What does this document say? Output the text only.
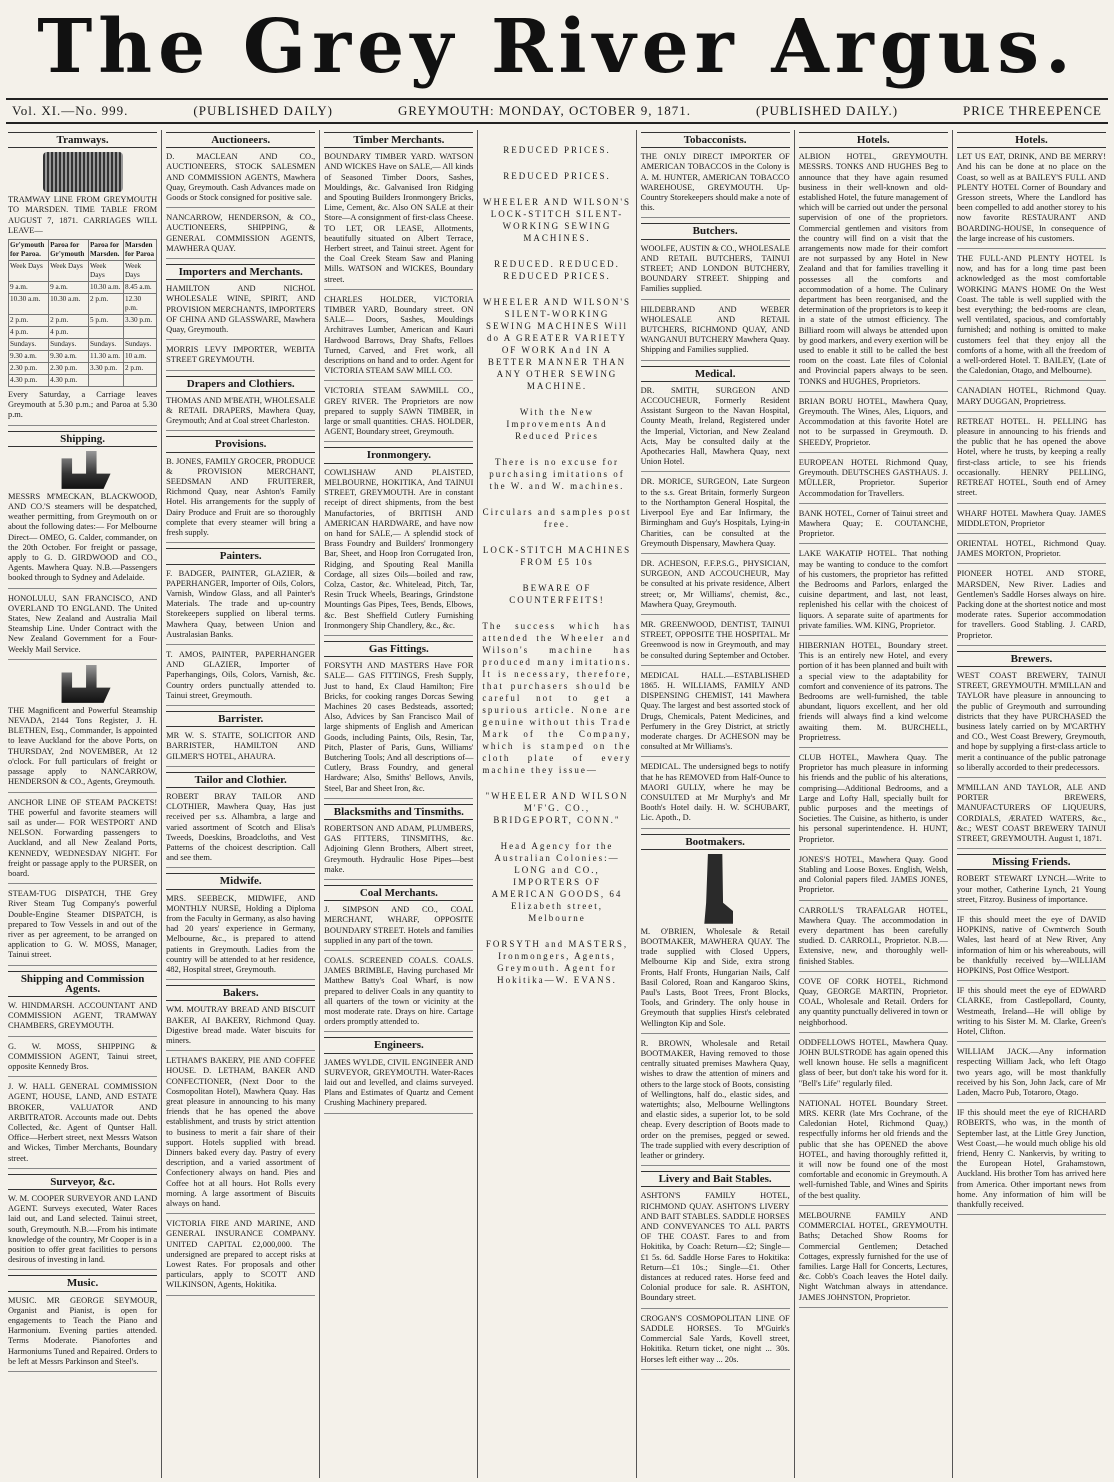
The Grey River Argus.
Vol. XI.—No. 999.	(PUBLISHED DAILY)	GREYMOUTH: MONDAY, OCTOBER 9, 1871.	(PUBLISHED DAILY.)	PRICE THREEPENCE
Tramways.
TRAMWAY LINE FROM GREYMOUTH TO MARSDEN. TIME TABLE FROM AUGUST 7, 1871. CARRIAGES WILL LEAVE—
Gr'ymouth for Paroa.	Paroa for Gr'ymouth	Paroa for Marsden.	Marsden for Paroa
Week Days	Week Days	Week Days	Week Days
9 a.m.	9 a.m.	10.30 a.m.	8.45 a.m.
10.30 a.m.	10.30 a.m.	2 p.m.	12.30 p.m.
2 p.m.	2 p.m.	5 p.m.	3.30 p.m.
4 p.m.	4 p.m.		
Sundays.	Sundays.	Sundays.	Sundays.
9.30 a.m.	9.30 a.m.	11.30 a.m.	10 a.m.
2.30 p.m.	2.30 p.m.	3.30 p.m.	2 p.m.
4.30 p.m.	4.30 p.m.		
Every Saturday, a Carriage leaves Greymouth at 5.30 p.m.; and Paroa at 5.30 p.m.
Shipping.
MESSRS M'MECKAN, BLACKWOOD, AND CO.'S steamers will be despatched, weather permitting, from Greymouth on or about the following dates:— For Melbourne Direct— OMEO, G. Calder, commander, on the 20th October. For freight or passage, apply to G. D. GIRDWOOD and CO., Agents. Mawhera Quay. N.B.—Passengers booked through to Sydney and Adelaide.
HONOLULU, SAN FRANCISCO, AND OVERLAND TO ENGLAND. The United States, New Zealand and Australia Mail Steamship Line. Under Contract with the New Zealand Government for a Four-Weekly Mail Service.
THE Magnificent and Powerful Steamship NEVADA, 2144 Tons Register, J. H. BLETHEN, Esq., Commander, Is appointed to leave Auckland for the above Ports, on THURSDAY, 2nd NOVEMBER, At 12 o'clock. For full particulars of freight or passage apply to NANCARROW, HENDERSON & CO., Agents, Greymouth.
ANCHOR LINE OF STEAM PACKETS! THE powerful and favorite steamers will sail as under— FOR WESTPORT AND NELSON. Forwarding passengers to Auckland, and all New Zealand Ports, KENNEDY, WEDNESDAY NIGHT. For freight or passage apply to the PURSER, on board.
STEAM-TUG DISPATCH, THE Grey River Steam Tug Company's powerful Double-Engine Steamer DISPATCH, is prepared to Tow Vessels in and out of the river as per agreement, to be arranged on application to G. W. MOSS, Manager, Tainui street.
Shipping and Commission Agents.
W. HINDMARSH. ACCOUNTANT AND COMMISSION AGENT, TRAMWAY CHAMBERS, GREYMOUTH.
G. W. MOSS, SHIPPING & COMMISSION AGENT, Tainui street, opposite Kennedy Bros.
J. W. HALL GENERAL COMMISSION AGENT, HOUSE, LAND, AND ESTATE BROKER, VALUATOR AND ARBITRATOR. Accounts made out. Debts Collected, &c. Agent of Quntser Hall. Office—Herbert street, next Messrs Watson and Wickes, Timber Merchants, Boundary street.
Surveyor, &c.
W. M. COOPER SURVEYOR AND LAND AGENT. Surveys executed, Water Races laid out, and Land selected. Tainui street, south, Greymouth. N.B.—From his intimate knowledge of the country, Mr Cooper is in a position to offer great facilities to persons desirous of investing in land.
Music.
MUSIC. MR GEORGE SEYMOUR, Organist and Pianist, is open for engagements to Teach the Piano and Harmonium. Evening parties attended. Terms Moderate. Pianofortes and Harmoniums Tuned and Repaired. Orders to be left at Messrs Parkinson and Steel's.
Auctioneers.
D. MACLEAN AND CO., AUCTIONEERS, STOCK SALESMEN AND COMMISSION AGENTS, Mawhera Quay, Greymouth. Cash Advances made on Goods or Stock consigned for positive sale.
NANCARROW, HENDERSON, & CO., AUCTIONEERS, SHIPPING, & GENERAL COMMISSION AGENTS, MAWHERA QUAY.
Importers and Merchants.
HAMILTON AND NICHOL WHOLESALE WINE, SPIRIT, AND PROVISION MERCHANTS, IMPORTERS OF CHINA AND GLASSWARE, Mawhera Quay, Greymouth.
MORRIS LEVY IMPORTER, WEBITA STREET GREYMOUTH.
Drapers and Clothiers.
THOMAS AND M'BEATH, WHOLESALE & RETAIL DRAPERS, Mawhera Quay, Greymouth; And at Coal street Charleston.
Provisions.
B. JONES, FAMILY GROCER, PRODUCE & PROVISION MERCHANT, SEEDSMAN AND FRUITERER, Richmond Quay, near Ashton's Family Hotel. His arrangements for the supply of Dairy Produce and Fruit are so thoroughly complete that every steamer will bring a fresh supply.
Painters.
F. BADGER, PAINTER, GLAZIER, & PAPERHANGER, Importer of Oils, Colors, Varnish, Window Glass, and all Painter's Materials. The trade and up-country Storekeepers supplied on liberal terms. Mawhera Quay, between Union and Australasian Banks.
T. AMOS, PAINTER, PAPERHANGER AND GLAZIER, Importer of Paperhangings, Oils, Colors, Varnish, &c. Country orders punctually attended to. Tainui street, Greymouth.
Barrister.
MR W. S. STAITE, SOLICITOR AND BARRISTER, HAMILTON AND GILMER'S HOTEL, AHAURA.
Tailor and Clothier.
ROBERT BRAY TAILOR AND CLOTHIER, Mawhera Quay, Has just received per s.s. Alhambra, a large and varied assortment of Scotch and Elisa's Tweeds, Doeskins, Broadcloths, and Vest Patterns of the choicest description. Call and see them.
Midwife.
MRS. SEEBECK, MIDWIFE, AND MONTHLY NURSE, Holding a Diploma from the Faculty in Germany, as also having had 20 years' experience in Germany, Melbourne, &c., is prepared to attend patients in Greymouth. Ladies from the country will be attended to at her residence, 482, Hospital street, Greymouth.
Bakers.
WM. MOUTRAY BREAD AND BISCUIT BAKER, AI BAKERY, Richmond Quay. Digestive bread made. Water biscuits for miners.
LETHAM'S BAKERY, PIE AND COFFEE HOUSE. D. LETHAM, BAKER AND CONFECTIONER, (Next Door to the Cosmopolitan Hotel), Mawhera Quay. Has great pleasure in announcing to his many friends that he has opened the above establishment, and trusts by strict attention to business to merit a fair share of their support. Hotels supplied with bread. Dinners baked every day. Pastry of every description, and a varied assortment of Confectionery always on hand. Pies and Coffee hot at all hours. Hot Rolls every morning. A large assortment of Biscuits always on hand.
VICTORIA FIRE AND MARINE, AND GENERAL INSURANCE COMPANY. UNITED CAPITAL £2,000,000. The undersigned are prepared to accept risks at Lowest Rates. For proposals and other particulars, apply to SCOTT AND WILKINSON, Agents, Hokitika.
Timber Merchants.
BOUNDARY TIMBER YARD. WATSON AND WICKES Have on SALE,— All kinds of Seasoned Timber Doors, Sashes, Mouldings, &c. Galvanised Iron Ridging and Spouting Builders Ironmongery Bricks, Lime, Cement, &c. Also ON SALE at their Store—A consignment of first-class Cheese. TO LET, OR LEASE, Allotments, beautifully situated on Albert Terrace, Herbert street, and Tainui street. Agent for the Coal Creek Steam Saw and Planing Mills. WATSON and WICKES, Boundary street.
CHARLES HOLDER, VICTORIA TIMBER YARD, Boundary street. ON SALE— Doors, Sashes, Mouldings Architraves Lumber, American and Kauri Hardwood Barrows, Dray Shafts, Felloes Turned, Carved, and Fret work, all descriptions on hand and to order. Agent for VICTORIA STEAM SAW MILL CO.
VICTORIA STEAM SAWMILL CO., GREY RIVER. The Proprietors are now prepared to supply SAWN TIMBER, in large or small quantities. CHAS. HOLDER, AGENT, Boundary street, Greymouth.
Ironmongery.
COWLISHAW AND PLAISTED, MELBOURNE, HOKITIKA, And TAINUI STREET, GREYMOUTH. Are in constant receipt of direct shipments, from the best Manufactories, of BRITISH AND AMERICAN HARDWARE, and have now on hand for SALE,— A splendid stock of Brass Foundry and Builders' Ironmongery Bar, Sheet, and Hoop Iron Corrugated Iron, Ridging, and Spouting Real Manilla Cordage, all sizes Oils—boiled and raw, Colza, Castor, &c. Whitelead, Pitch, Tar, Resin Truck Wheels, Bearings, Grindstone Mountings Gas Pipes, Tees, Bends, Elbows, &c. Best Sheffield Cutlery Furnishing Ironmongery Ship Chandlery, &c., &c.
Gas Fittings.
FORSYTH AND MASTERS Have FOR SALE— GAS FITTINGS, Fresh Supply, Just to hand, Ex Claud Hamilton; Fire Bricks, for cooking ranges Dorcas Sewing Machines 20 cases Bedsteads, assorted; Also, Advices by San Francisco Mail of large shipments of English and American Goods, including Paints, Oils, Resin, Tar, Pitch, Plaster of Paris, Guns, Williams' Butchering Tools; And all descriptions of— Cutlery, Brass Foundry, and general Hardware; Also, Smiths' Bellows, Anvils, Steel, Bar and Sheet Iron, &c.
Blacksmiths and Tinsmiths.
ROBERTSON AND ADAM, PLUMBERS, GAS FITTERS, TINSMITHS, &c. Adjoining Glenn Brothers, Albert street, Greymouth. Hydraulic Hose Pipes—best make.
Coal Merchants.
J. SIMPSON AND CO., COAL MERCHANT, WHARF, OPPOSITE BOUNDARY STREET. Hotels and families supplied in any part of the town.
COALS. SCREENED COALS. COALS. JAMES BRIMBLE, Having purchased Mr Matthew Batty's Coal Wharf, is now prepared to deliver Coals in any quantity to all quarters of the town or vicinity at the most moderate rate. Drays on hire. Cartage orders promptly attended to.
Engineers.
JAMES WYLDE, CIVIL ENGINEER AND SURVEYOR, GREYMOUTH. Water-Races laid out and levelled, and claims surveyed. Plans and Estimates of Quartz and Cement Crushing Machinery prepared.
REDUCED PRICES.
REDUCED PRICES.
WHEELER AND WILSON'S LOCK-STITCH SILENT-WORKING SEWING MACHINES.
REDUCED. REDUCED. REDUCED PRICES.
WHEELER AND WILSON'S SILENT-WORKING SEWING MACHINES Will do A GREATER VARIETY OF WORK And IN A BETTER MANNER THAN ANY OTHER SEWING MACHINE.
With the New Improvements And Reduced Prices
There is no excuse for purchasing imitations of the W. and W. machines.
Circulars and samples post free.
LOCK-STITCH MACHINES FROM £5 10s
BEWARE OF COUNTERFEITS!
The success which has attended the Wheeler and Wilson's machine has produced many imitations. It is necessary, therefore, that purchasers should be careful not to get a spurious article. None are genuine without this Trade Mark of the Company, which is stamped on the cloth plate of every machine they issue—
"WHEELER AND WILSON M'F'G. CO., BRIDGEPORT, CONN."
Head Agency for the Australian Colonies:— LONG and CO., IMPORTERS OF AMERICAN GOODS, 64 Elizabeth street, Melbourne
FORSYTH and MASTERS, Ironmongers, Agents, Greymouth. Agent for Hokitika—W. EVANS.
Tobacconists.
THE ONLY DIRECT IMPORTER OF AMERICAN TOBACCOS in the Colony is A. M. HUNTER, AMERICAN TOBACCO WAREHOUSE, GREYMOUTH. Up-Country Storekeepers should make a note of this.
Butchers.
WOOLFE, AUSTIN & CO., WHOLESALE AND RETAIL BUTCHERS, TAINUI STREET; AND LONDON BUTCHERY, BOUNDARY STREET. Shipping and Families supplied.
HILDEBRAND AND WEBER WHOLESALE AND RETAIL BUTCHERS, RICHMOND QUAY, AND WANGANUI BUTCHERY Mawhera Quay. Shipping and Families supplied.
Medical.
DR. SMITH, SURGEON AND ACCOUCHEUR, Formerly Resident Assistant Surgeon to the Navan Hospital, County Meath, Ireland, Registered under the Imperial, Victorian, and New Zealand Acts, May be consulted daily at the Apothecaries Hall, Mawhera Quay, next Union Hotel.
DR. MORICE, SURGEON, Late Surgeon to the s.s. Great Britain, formerly Surgeon to the Northampton General Hospital, the Liverpool Eye and Ear Infirmary, the Birmingham and Guy's Hospitals, Lying-in Charities, can be consulted at the Greymouth Dispensary, Mawhera Quay.
DR. ACHESON, F.F.P.S.G., PHYSICIAN, SURGEON, AND ACCOUCHEUR, May be consulted at his private residence, Albert street; or, Mr Williams', chemist, &c., Mawhera Quay, Greymouth.
MR. GREENWOOD, DENTIST, TAINUI STREET, OPPOSITE THE HOSPITAL. Mr Greenwood is now in Greymouth, and may be consulted during September and October.
MEDICAL HALL.—ESTABLISHED 1865. H. WILLIAMS, FAMILY AND DISPENSING CHEMIST, 141 Mawhera Quay. The largest and best assorted stock of Drugs, Chemicals, Patent Medicines, and Perfumery in the Grey District, at strictly moderate charges. Dr ACHESON may be consulted at Mr Williams's.
MEDICAL. The undersigned begs to notify that he has REMOVED from Half-Ounce to MAORI GULLY, where he may be CONSULTED at Mr Murphy's and Mr Booth's Hotel daily. H. W. SCHUBART, Lic. Apoth., D.
Bootmakers.
M. O'BRIEN, Wholesale & Retail BOOTMAKER, MAWHERA QUAY. The trade supplied with Closed Uppers, Melbourne Kip and Side, extra strong Fronts, Half Fronts, Hungarian Nails, Calf Basil Colored, Roan and Kangaroo Skins, Paul's Lasts, Boot Trees, Front Blocks, Tools, and Grindery. The only house in Greymouth that supplies Hirst's celebrated Wellington Kip and Sole.
R. BROWN, Wholesale and Retail BOOTMAKER, Having removed to those centrally situated premises Mawhera Quay, wishes to draw the attention of miners and others to the large stock of Boots, consisting of Wellingtons, half do., elastic sides, and watertights; also, Melbourne Wellingtons and elastic sides, a superior lot, to be sold cheap. Every description of Boots made to order on the premises, pegged or sewed. The trade supplied with every description of leather or grindery.
Livery and Bait Stables.
ASHTON'S FAMILY HOTEL, RICHMOND QUAY. ASHTON'S LIVERY AND BAIT STABLES. SADDLE HORSES AND CONVEYANCES TO ALL PARTS OF THE COAST. Fares to and from Hokitika, by Coach: Return—£2; Single—£1 5s. 6d. Saddle Horse Fares to Hokitika: Return—£1 10s.; Single—£1. Other distances at reduced rates. Horse feed and Colonial produce for sale. R. ASHTON, Boundary street.
CROGAN'S COSMOPOLITAN LINE OF SADDLE HORSES. To M'Guirk's Commercial Sale Yards, Kovell street, Hokitika. Return ticket, one night ... 30s. Horses left either way ... 20s.
Hotels.
ALBION HOTEL, GREYMOUTH. MESSRS. TONKS AND HUGHES Beg to announce that they have again resumed business in their well-known and old-established Hotel, the future management of which will be carried out under the personal supervision of one of the proprietors. Commercial gentlemen and visitors from the country will find on a visit that the arrangements now made for their comfort are not surpassed by any Hotel in New Zealand and that for families travelling it possesses all the comforts and accommodation of a home. The Culinary department has been reorganised, and the determination of the proprietors is to keep it in a state of the utmost efficiency. The Billiard room will always be attended upon by good markers, and every exertion will be used to enable it still to be called the best room on the coast. Late files of Colonial and Provincial papers always to be seen. TONKS and HUGHES, Proprietors.
BRIAN BORU HOTEL, Mawhera Quay, Greymouth. The Wines, Ales, Liquors, and Accommodation at this favorite Hotel are not to be surpassed in Greymouth. D. SHEEDY, Proprietor.
EUROPEAN HOTEL Richmond Quay, Greymouth. DEUTSCHES GASTHAUS. J. MÜLLER, Proprietor. Superior Accommodation for Travellers.
BANK HOTEL, Corner of Tainui street and Mawhera Quay; E. COUTANCHE, Proprietor.
LAKE WAKATIP HOTEL. That nothing may be wanting to conduce to the comfort of his customers, the proprietor has refitted the Bedrooms and Parlors, enlarged the cuisine department, and last, not least, replenished his cellar with the choicest of liquors. A separate suite of apartments for private families. WM. KING, Proprietor.
HIBERNIAN HOTEL, Boundary street. This is an entirely new Hotel, and every portion of it has been planned and built with a special view to the adaptability for comfort and convenience of its patrons. The Bedrooms are well-furnished, the table abundant, liquors excellent, and her old friends will always find a kind welcome awaiting them. M. BURCHELL, Proprietress.
CLUB HOTEL, Mawhera Quay. The Proprietor has much pleasure in informing his friends and the public of his alterations, comprising—Additional Bedrooms, and a Large and Lofty Hall, specially built for public purposes and the meetings of Societies. The Cuisine, as hitherto, is under his personal superintendence. H. HUNT, Proprietor.
JONES'S HOTEL, Mawhera Quay. Good Stabling and Loose Boxes. English, Welsh, and Colonial papers filed. JAMES JONES, Proprietor.
CARROLL'S TRAFALGAR HOTEL, Mawhera Quay. The accommodation in every department has been carefully studied. D. CARROLL, Proprietor. N.B.—Extensive, new, and thoroughly well-finished Stables.
COVE OF CORK HOTEL, Richmond Quay, GEORGE MARTIN, Proprietor. COAL, Wholesale and Retail. Orders for any quantity punctually delivered in town or neighborhood.
ODDFELLOWS HOTEL, Mawhera Quay. JOHN BULSTRODE has again opened this well known house. He sells a magnificent glass of beer, but don't take his word for it. "Bell's Life" regularly filed.
NATIONAL HOTEL Boundary Street. MRS. KERR (late Mrs Cochrane, of the Caledonian Hotel, Richmond Quay,) respectfully informs her old friends and the public that she has OPENED the above HOTEL, and having thoroughly refitted it, it will now be found one of the most comfortable and economic in Greymouth. A well-furnished Table, and Wines and Spirits of the best quality.
MELBOURNE FAMILY AND COMMERCIAL HOTEL, GREYMOUTH. Baths; Detached Show Rooms for Commercial Gentlemen; Detached Cottages, expressly furnished for the use of families. Large Hall for Concerts, Lectures, &c. Cobb's Coach leaves the Hotel daily. Night Watchman always in attendance. JAMES JOHNSTON, Proprietor.
Hotels.
LET US EAT, DRINK, AND BE MERRY! And his can be done at no place on the Coast, so well as at BAILEY'S FULL AND PLENTY HOTEL Corner of Boundary and Gresson streets, Where the Landlord has been compelled to add another storey to his now favorite RESTAURANT AND BOARDING-HOUSE, In consequence of the large increase of his customers.
THE FULL-AND PLENTY HOTEL Is now, and has for a long time past been acknowledged as the most comfortable WORKING MAN'S HOME On the West Coast. The table is well supplied with the best everything; the bed-rooms are clean, well ventilated, spacious, and comfortably furnished; and nothing is omitted to make customers feel that they enjoy all the comforts of a home, with all the freedom of a well-ordered Hotel. T. BAILEY, (Late of the Caledonian, Otago, and Melbourne).
CANADIAN HOTEL, Richmond Quay. MARY DUGGAN, Proprietress.
RETREAT HOTEL. H. PELLING has pleasure in announcing to his friends and the public that he has opened the above Hotel, where he trusts, by keeping a really first-class article, to see his friends occasionally. HENRY PELLING, RETREAT HOTEL, South end of Arney street.
WHARF HOTEL Mawhera Quay. JAMES MIDDLETON, Proprietor
ORIENTAL HOTEL, Richmond Quay. JAMES MORTON, Proprietor.
PIONEER HOTEL AND STORE, MARSDEN, New River. Ladies and Gentlemen's Saddle Horses always on hire. Packing done at the shortest notice and most moderate rates. Superior accommodation for travellers. Good Stabling. J. CARD, Proprietor.
Brewers.
WEST COAST BREWERY, TAINUI STREET, GREYMOUTH. M'MILLAN and TAYLOR have pleasure in announcing to the public of Greymouth and surrounding districts that they have PURCHASED the business lately carried on by M'CARTHY and CO., West Coast Brewery, Greymouth, and hope by supplying a first-class article to merit a continuance of the public patronage so liberally accorded to their predecessors.
M'MILLAN AND TAYLOR, ALE AND PORTER BREWERS, MANUFACTURERS OF LIQUEURS, CORDIALS, ÆRATED WATERS, &c., &c.; WEST COAST BREWERY TAINUI STREET, GREYMOUTH. August 1, 1871.
Missing Friends.
ROBERT STEWART LYNCH.—Write to your mother, Catherine Lynch, 21 Young street, Fitzroy. Business of importance.
IF this should meet the eye of DAVID HOPKINS, native of Cwmtwrch South Wales, last heard of at New River, Any information of him or his whereabouts, will be thankfully received by—WILLIAM HOPKINS, Post Office Westport.
IF this should meet the eye of EDWARD CLARKE, from Castlepollard, County, Westmeath, Ireland—He will oblige by writing to his Sister M. M. Clarke, Green's Hotel, Clifton.
WILLIAM JACK.—Any information respecting William Jack, who left Otago two years ago, will be most thankfully received by his Son, John Jack, care of Mr Laden, Macro Pub, Totaroro, Otago.
IF this should meet the eye of RICHARD ROBERTS, who was, in the month of September last, at the Little Grey Junction, West Coast,—he would much oblige his old friend, Henry C. Nankervis, by writing to the European Hotel, Grahamstown, Auckland. His brother Tom has arrived here from America. Other important news from home. Any information of him will be thankfully received.
